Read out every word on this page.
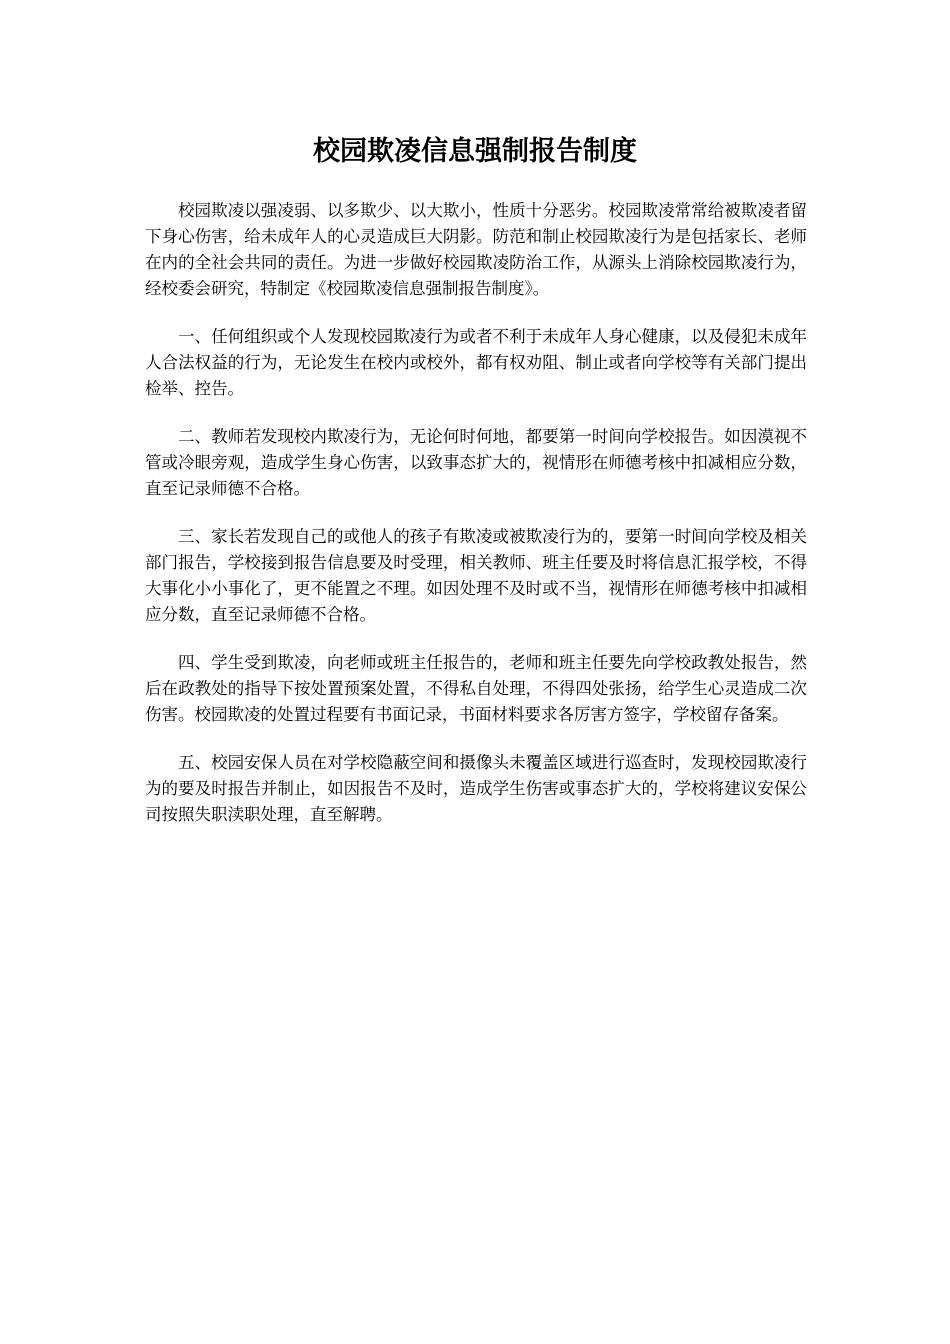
校园欺凌信息强制报告制度

校园欺凌以强凌弱、以多欺少、以大欺小，性质十分恶劣。校园欺凌常常给被欺凌者留下身心伤害，给未成年人的心灵造成巨大阴影。防范和制止校园欺凌行为是包括家长、老师在内的全社会共同的责任。为进一步做好校园欺凌防治工作，从源头上消除校园欺凌行为，经校委会研究，特制定《校园欺凌信息强制报告制度》。

一、任何组织或个人发现校园欺凌行为或者不利于未成年人身心健康，以及侵犯未成年人合法权益的行为，无论发生在校内或校外，都有权劝阻、制止或者向学校等有关部门提出检举、控告。

二、教师若发现校内欺凌行为，无论何时何地，都要第一时间向学校报告。如因漠视不管或冷眼旁观，造成学生身心伤害，以致事态扩大的，视情形在师德考核中扣减相应分数，直至记录师德不合格。

三、家长若发现自己的或他人的孩子有欺凌或被欺凌行为的，要第一时间向学校及相关部门报告，学校接到报告信息要及时受理，相关教师、班主任要及时将信息汇报学校，不得大事化小小事化了，更不能置之不理。如因处理不及时或不当，视情形在师德考核中扣减相应分数，直至记录师德不合格。

四、学生受到欺凌，向老师或班主任报告的，老师和班主任要先向学校政教处报告，然后在政教处的指导下按处置预案处置，不得私自处理，不得四处张扬，给学生心灵造成二次伤害。校园欺凌的处置过程要有书面记录，书面材料要求各厉害方签字，学校留存备案。

五、校园安保人员在对学校隐蔽空间和摄像头未覆盖区域进行巡查时，发现校园欺凌行为的要及时报告并制止，如因报告不及时，造成学生伤害或事态扩大的，学校将建议安保公司按照失职渎职处理，直至解聘。
